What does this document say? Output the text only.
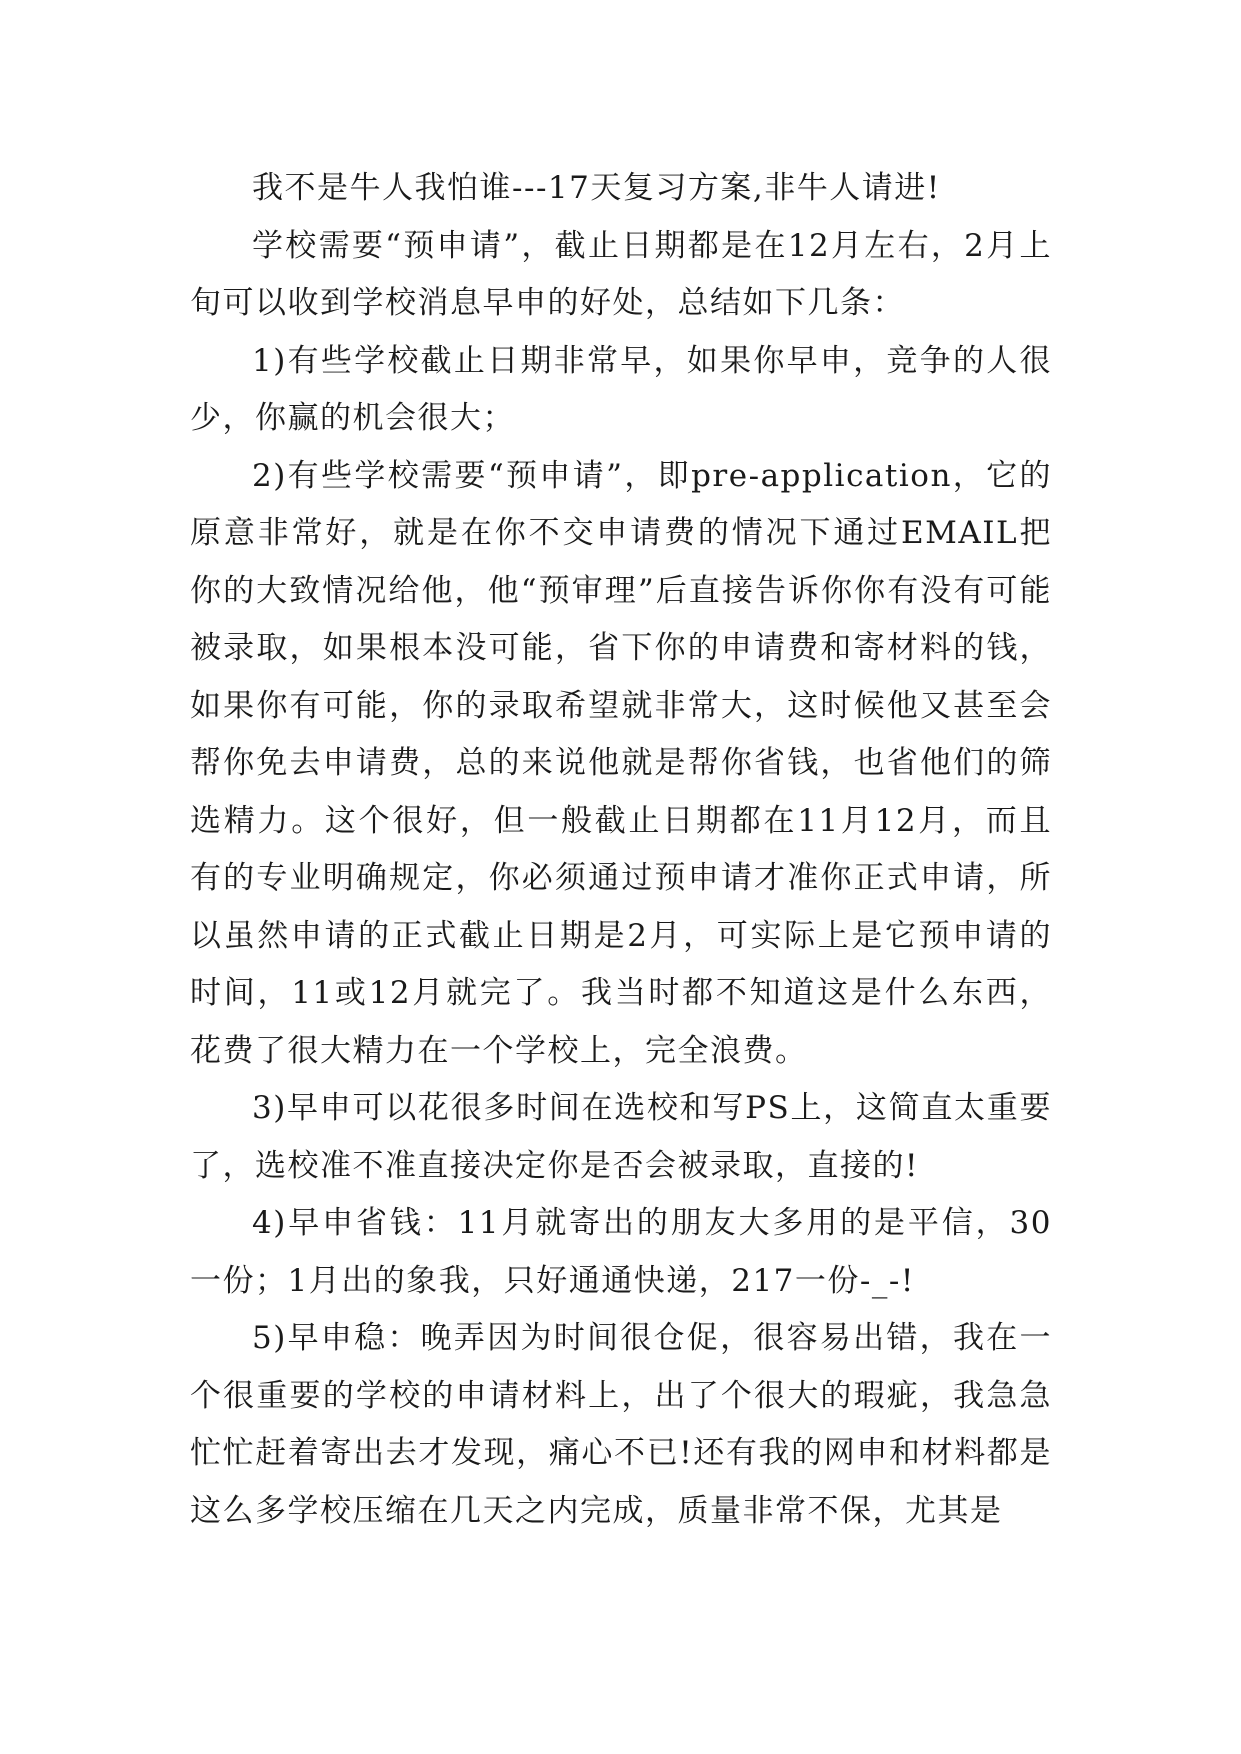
我不是牛人我怕谁---17天复习方案,非牛人请进!

学校需要“预申请”，截止日期都是在12月左右，2月上旬可以收到学校消息早申的好处，总结如下几条：

1)有些学校截止日期非常早，如果你早申，竞争的人很少，你赢的机会很大；

2)有些学校需要“预申请”，即pre-application，它的原意非常好，就是在你不交申请费的情况下通过EMAIL把你的大致情况给他，他“预审理”后直接告诉你你有没有可能被录取，如果根本没可能，省下你的申请费和寄材料的钱，如果你有可能，你的录取希望就非常大，这时候他又甚至会帮你免去申请费，总的来说他就是帮你省钱，也省他们的筛选精力。这个很好，但一般截止日期都在11月12月，而且有的专业明确规定，你必须通过预申请才准你正式申请，所以虽然申请的正式截止日期是2月，可实际上是它预申请的时间，11或12月就完了。我当时都不知道这是什么东西，花费了很大精力在一个学校上，完全浪费。

3)早申可以花很多时间在选校和写PS上，这简直太重要了，选校准不准直接决定你是否会被录取，直接的!

4)早申省钱：11月就寄出的朋友大多用的是平信，30一份；1月出的象我，只好通通快递，217一份-_-!

5)早申稳：晚弄因为时间很仓促，很容易出错，我在一个很重要的学校的申请材料上，出了个很大的瑕疵，我急急忙忙赶着寄出去才发现，痛心不已!还有我的网申和材料都是这么多学校压缩在几天之内完成，质量非常不保，尤其是
